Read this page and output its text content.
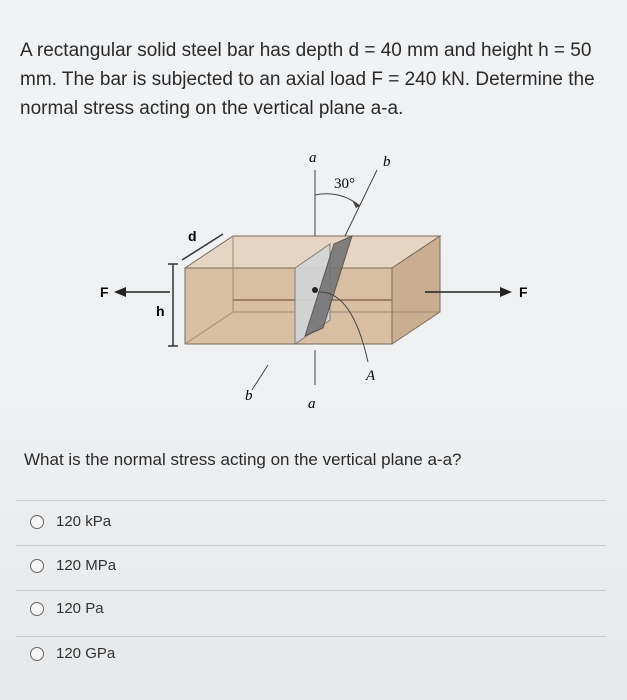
A rectangular solid steel bar has depth d = 40 mm and height h = 50
mm. The bar is subjected to an axial load F = 240 kN. Determine the
normal stress acting on the vertical plane a-a.
a	b
30°
d
h
F	F
b	a
A
What is the normal stress acting on the vertical plane a-a?
120 kPa
120 MPa
120 Pa
120 GPa
